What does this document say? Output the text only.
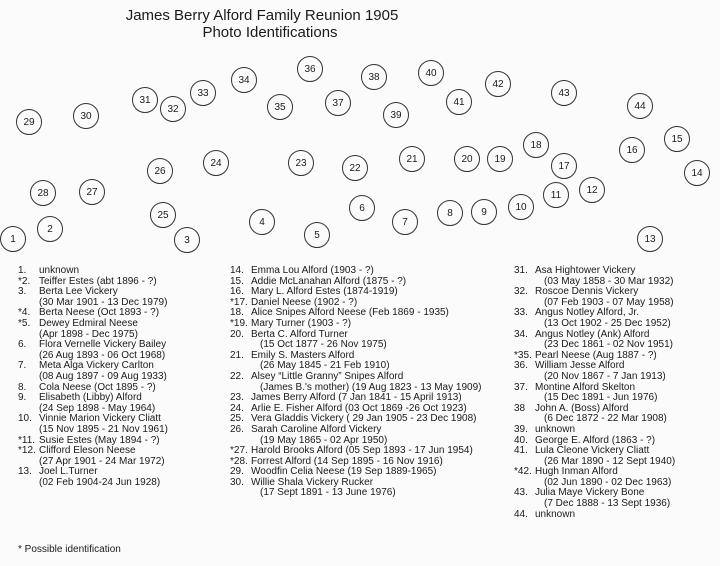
James Berry Alford Family Reunion 1905
Photo Identifications
1
2
3
4
5
6
7
8	9	10
11	12
13
14
15
16
17
18
19
20
21
22
23
24
25
26
27
28
29
30
31
32
33
34
35
36
37
38
39
40
41
42
43
44
1. unknown
*2. Teiffer Estes (abt 1896 - ?)
3. Berta Lee Vickery
(30 Mar 1901 - 13 Dec 1979)
*4. Berta Neese (Oct 1893 - ?)
*5. Dewey Edmiral Neese
(Apr 1898 - Dec 1975)
6. Flora Vernelle Vickery Bailey
(26 Aug 1893 - 06 Oct 1968)
7. Meta Alga Vickery Carlton
(08 Aug 1897 - 09 Aug 1933)
8. Cola Neese (Oct 1895 - ?)
9. Elisabeth (Libby) Alford
(24 Sep 1898 - May 1964)
10. Vinnie Marion Vickery Cliatt
(15 Nov 1895 - 21 Nov 1961)
*11. Susie Estes (May 1894 - ?)
*12. Clifford Eleson Neese
(27 Apr 1901 - 24 Mar 1972)
13. Joel L.Turner
(02 Feb 1904-24 Jun 1928)
14. Emma Lou Alford (1903 - ?)
15. Addie McLanahan Alford (1875 - ?)
16. Mary L. Alford Estes (1874-1919)
*17. Daniel Neese (1902 - ?)
18. Alice Snipes Alford Neese (Feb 1869 - 1935)
*19. Mary Turner (1903 - ?)
20. Berta C. Alford Turner
(15 Oct 1877 - 26 Nov 1975)
21. Emily S. Masters Alford
(26 May 1845 - 21 Feb 1910)
22. Alsey “Little Granny” Snipes Alford
(James B.'s mother) (19 Aug 1823 - 13 May 1909)
23. James Berry Alford (7 Jan 1841 - 15 April 1913)
24. Arlie E. Fisher Alford (03 Oct 1869 -26 Oct 1923)
25. Vera Gladdis Vickery ( 29 Jan 1905 - 23 Dec 1908)
26. Sarah Caroline Alford Vickery
(19 May 1865 - 02 Apr 1950)
*27. Harold Brooks Alford (05 Sep 1893 - 17 Jun 1954)
*28. Forrest Alford (14 Sep 1895 - 16 Nov 1916)
29. Woodfin Celia Neese (19 Sep 1889-1965)
30. Willie Shala Vickery Rucker
(17 Sept 1891 - 13 June 1976)
31. Asa Hightower Vickery
(03 May 1858 - 30 Mar 1932)
32. Roscoe Dennis Vickery
(07 Feb 1903 - 07 May 1958)
33. Angus Notley Alford, Jr.
(13 Oct 1902 - 25 Dec 1952)
34. Angus Notley (Ank) Alford
(23 Dec 1861 - 02 Nov 1951)
*35. Pearl Neese (Aug 1887 - ?)
36. William Jesse Alford
(20 Nov 1867 - 7 Jan 1913)
37. Montine Alford Skelton
(15 Dec 1891 - Jun 1976)
38 John A. (Boss) Alford
(6 Dec 1872 - 22 Mar 1908)
39. unknown
40. George E. Alford (1863 - ?)
41. Lula Cleone Vickery Cliatt
(26 Mar 1890 - 12 Sept 1940)
*42. Hugh Inman Alford
(02 Jun 1890 - 02 Dec 1963)
43. Julia Maye Vickery Bone
(7 Dec 1888 - 13 Sept 1936)
44. unknown
* Possible identification
